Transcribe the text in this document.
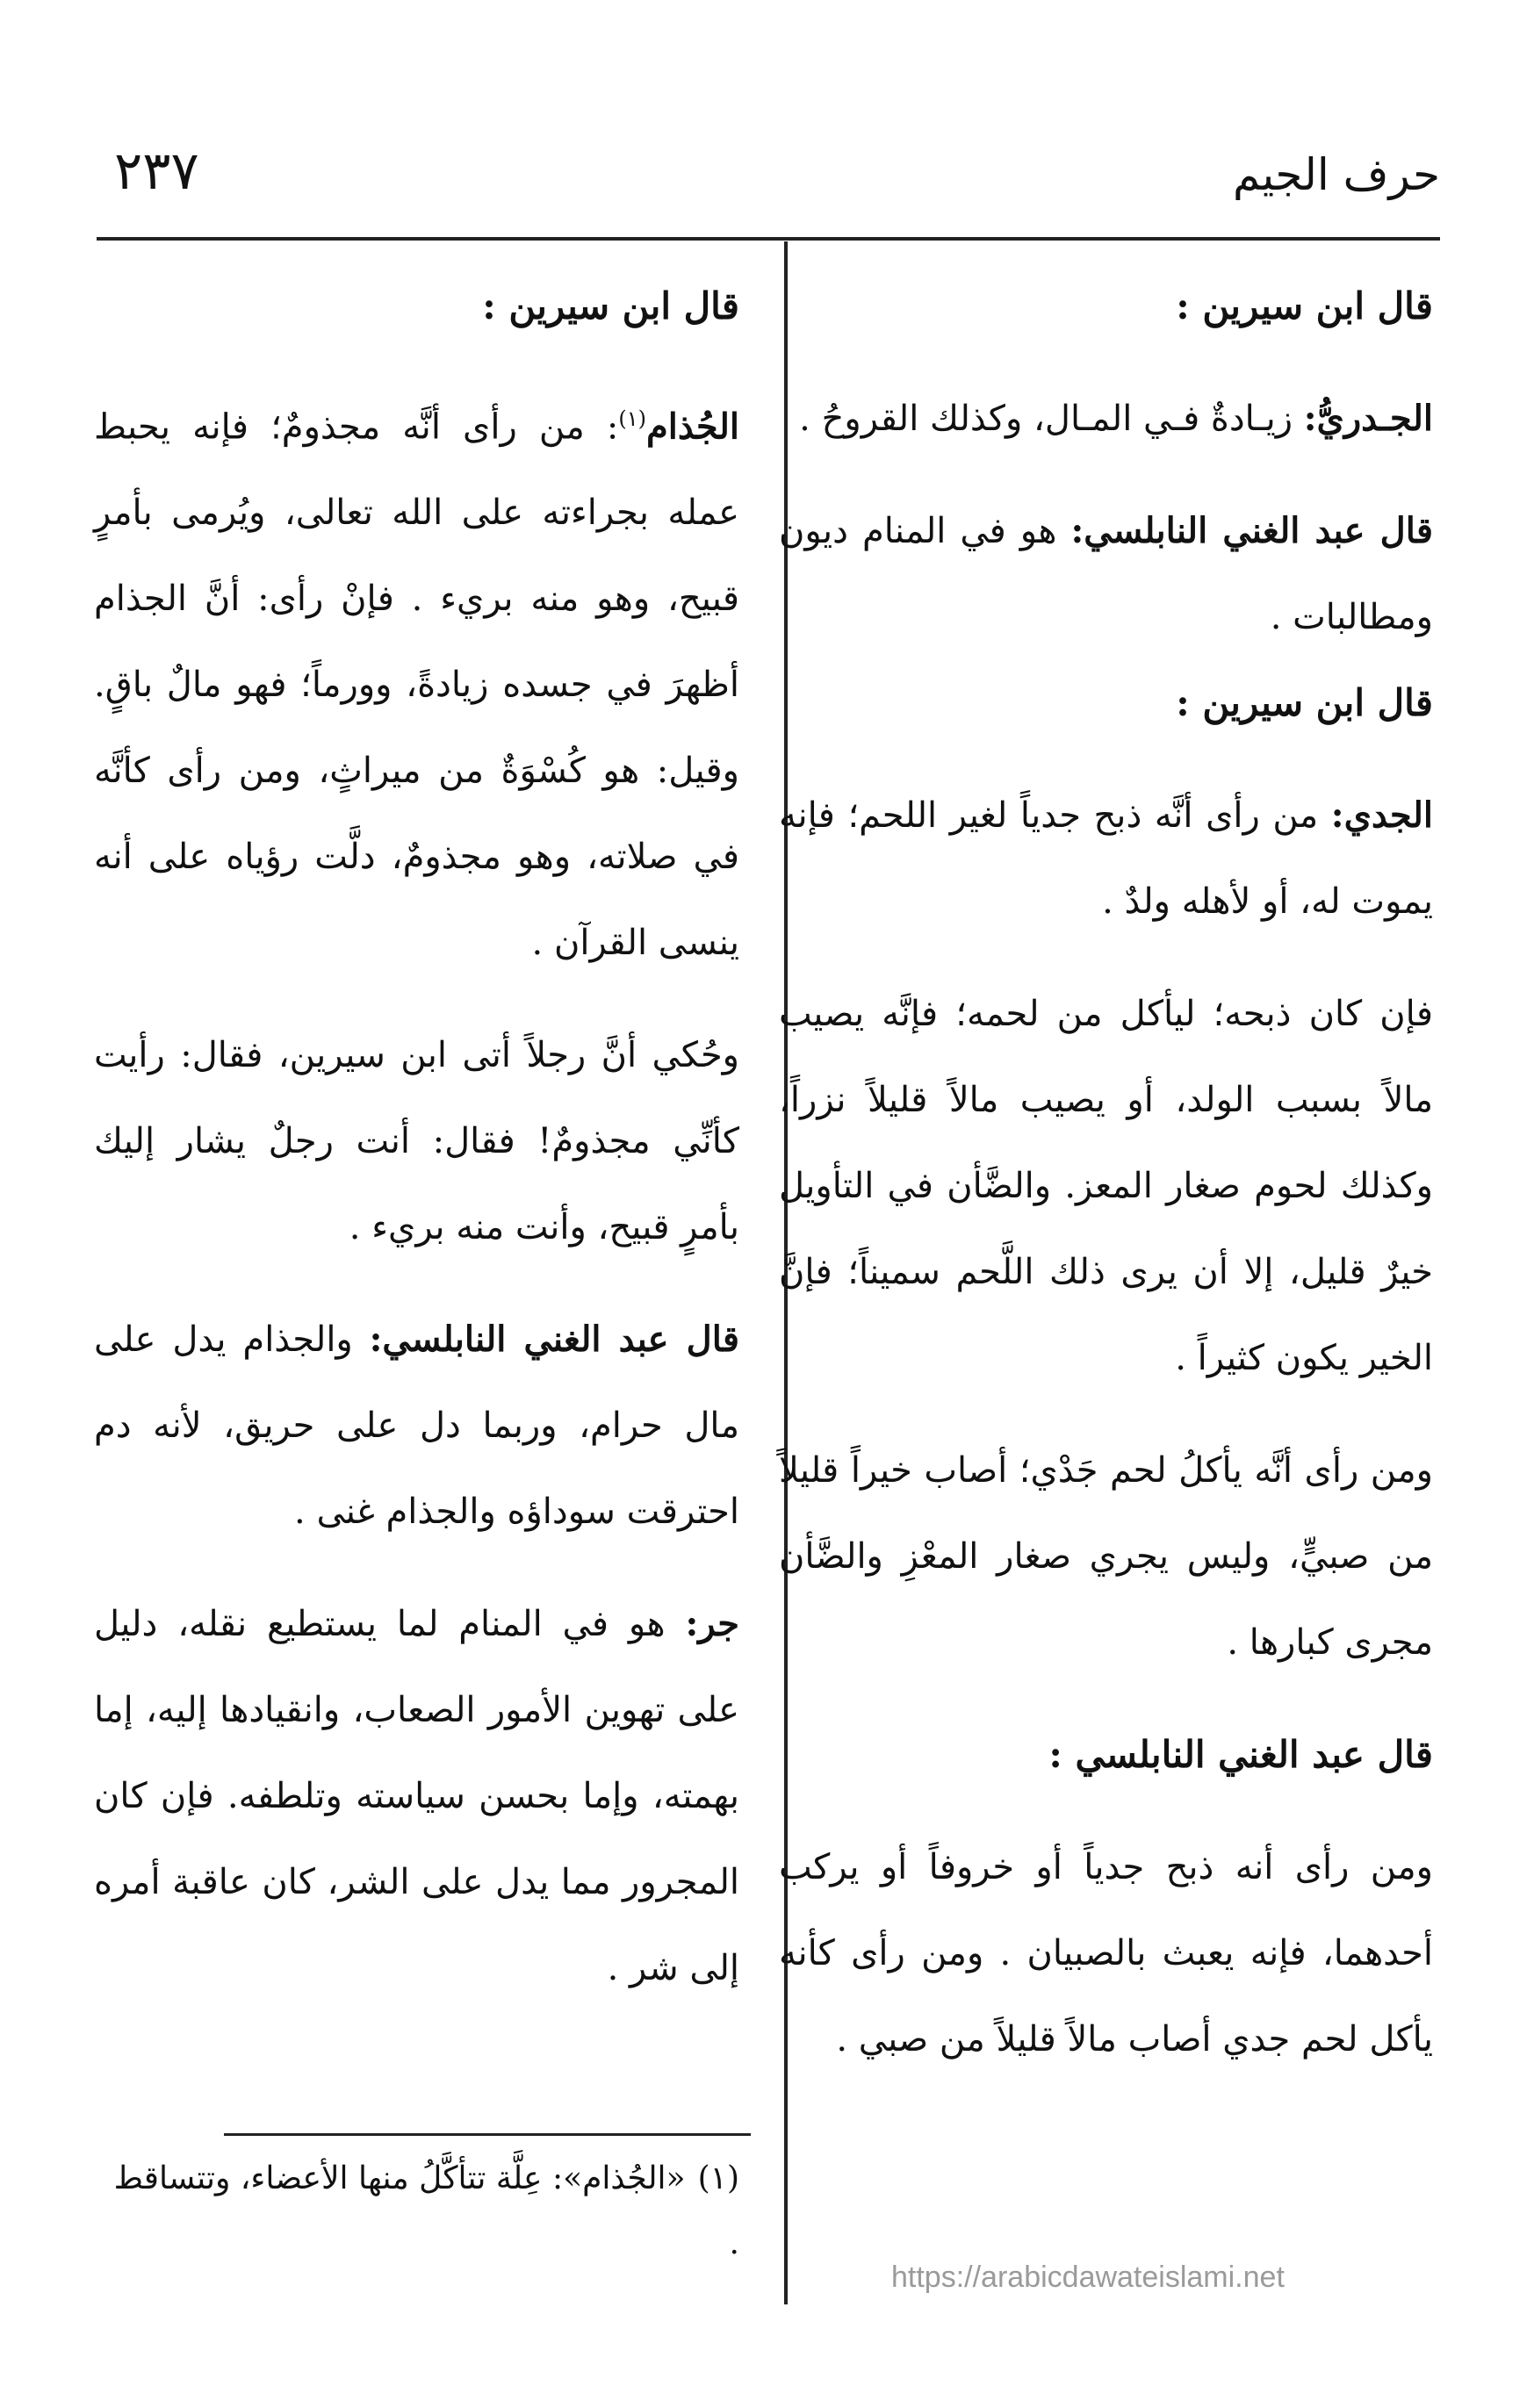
حرف الجيم
٢٣٧

قال ابن سيرين :

الجـدريُّ: زيـادةٌ فـي المـال، وكذلك القروحُ .

قال عبد الغني النابلسي: هو في المنام ديون ومطالبات .

قال ابن سيرين :

الجدي: من رأى أنَّه ذبح جدياً لغير اللحم؛ فإنه يموت له، أو لأهله ولدٌ .

فإن كان ذبحه؛ ليأكل من لحمه؛ فإنَّه يصيب مالاً بسبب الولد، أو يصيب مالاً قليلاً نزراً، وكذلك لحوم صغار المعز. والضَّأن في التأويل خيرٌ قليل، إلا أن يرى ذلك اللَّحم سميناً؛ فإنَّ الخير يكون كثيراً .

ومن رأى أنَّه يأكلُ لحم جَدْي؛ أصاب خيراً قليلاً من صبيٍّ، وليس يجري صغار المعْزِ والضَّأن مجرى كبارها .

قال عبد الغني النابلسي :

ومن رأى أنه ذبح جدياً أو خروفاً أو يركب أحدهما، فإنه يعبث بالصبيان . ومن رأى كأنه يأكل لحم جدي أصاب مالاً قليلاً من صبي .

قال ابن سيرين :

الجُذام$^{(١)}$: من رأى أنَّه مجذومٌ؛ فإنه يحبط عمله بجراءته على الله تعالى، ويُرمى بأمرٍ قبيح، وهو منه بريء . فإنْ رأى: أنَّ الجذام أظهرَ في جسده زيادةً، وورماً؛ فهو مالٌ باقٍ. وقيل: هو كُسْوَةٌ من ميراثٍ، ومن رأى كأنَّه في صلاته، وهو مجذومٌ، دلَّت رؤياه على أنه ينسى القرآن .

وحُكي أنَّ رجلاً أتى ابن سيرين، فقال: رأيت كأنِّي مجذومٌ! فقال: أنت رجلٌ يشار إليك بأمرٍ قبيح، وأنت منه بريء .

قال عبد الغني النابلسي: والجذام يدل على مال حرام، وربما دل على حريق، لأنه دم احترقت سوداؤه والجذام غنى .

جر: هو في المنام لما يستطيع نقله، دليل على تهوين الأمور الصعاب، وانقيادها إليه، إما بهمته، وإما بحسن سياسته وتلطفه. فإن كان المجرور مما يدل على الشر، كان عاقبة أمره إلى شر .

(١)«الجُذام»: عِلَّة تتأكَّلُ منها الأعضاء، وتتساقط .

https://arabicdawateislami.net
